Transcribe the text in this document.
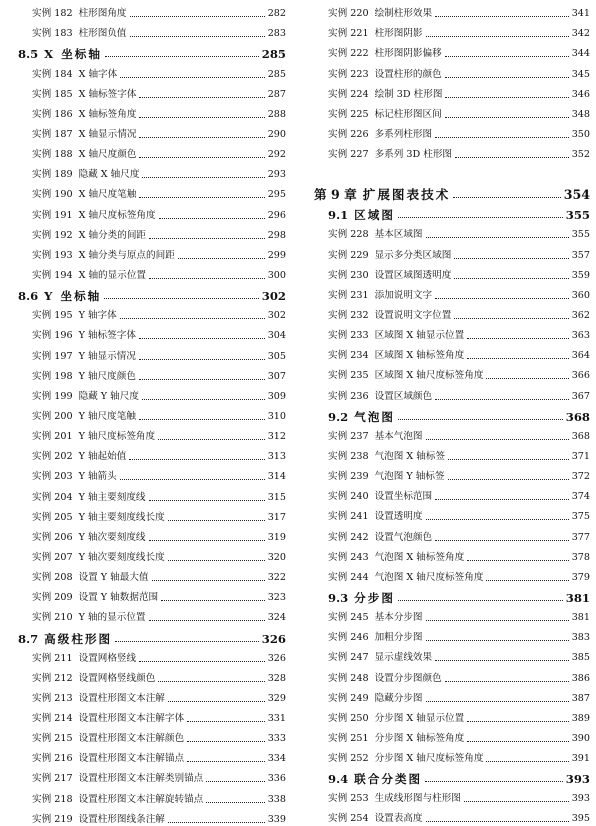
实例 182 柱形图角度	282
实例 183 柱形图负值	283
8.5 X 坐标轴	285
实例 184 X 轴字体	285
实例 185 X 轴标签字体	287
实例 186 X 轴标签角度	288
实例 187 X 轴显示情况	290
实例 188 X 轴尺度颜色	292
实例 189 隐藏 X 轴尺度	293
实例 190 X 轴尺度笔触	295
实例 191 X 轴尺度标签角度	296
实例 192 X 轴分类的间距	298
实例 193 X 轴分类与原点的间距	299
实例 194 X 轴的显示位置	300
8.6 Y 坐标轴	302
实例 195 Y 轴字体	302
实例 196 Y 轴标签字体	304
实例 197 Y 轴显示情况	305
实例 198 Y 轴尺度颜色	307
实例 199 隐藏 Y 轴尺度	309
实例 200 Y 轴尺度笔触	310
实例 201 Y 轴尺度标签角度	312
实例 202 Y 轴起始值	313
实例 203 Y 轴箭头	314
实例 204 Y 轴主要刻度线	315
实例 205 Y 轴主要刻度线长度	317
实例 206 Y 轴次要刻度线	319
实例 207 Y 轴次要刻度线长度	320
实例 208 设置 Y 轴最大值	322
实例 209 设置 Y 轴数据范围	323
实例 210 Y 轴的显示位置	324
8.7 高级柱形图	326
实例 211 设置网格竖线	326
实例 212 设置网格竖线颜色	328
实例 213 设置柱形图文本注解	329
实例 214 设置柱形图文本注解字体	331
实例 215 设置柱形图文本注解颜色	333
实例 216 设置柱形图文本注解锚点	334
实例 217 设置柱形图文本注解类别锚点	336
实例 218 设置柱形图文本注解旋转锚点	338
实例 219 设置柱形图线条注解	339
实例 220 绘制柱形效果	341
实例 221 柱形图阴影	342
实例 222 柱形图阴影偏移	344
实例 223 设置柱形的颜色	345
实例 224 绘制 3D 柱形图	346
实例 225 标记柱形图区间	348
实例 226 多系列柱形图	350
实例 227 多系列 3D 柱形图	352
第 9 章 扩展图表技术	354
9.1 区域图	355
实例 228 基本区域图	355
实例 229 显示多分类区域图	357
实例 230 设置区域图透明度	359
实例 231 添加说明文字	360
实例 232 设置说明文字位置	362
实例 233 区域图 X 轴显示位置	363
实例 234 区域图 X 轴标签角度	364
实例 235 区域图 X 轴尺度标签角度	366
实例 236 设置区域颜色	367
9.2 气泡图	368
实例 237 基本气泡图	368
实例 238 气泡图 X 轴标签	371
实例 239 气泡图 Y 轴标签	372
实例 240 设置坐标范围	374
实例 241 设置透明度	375
实例 242 设置气泡颜色	377
实例 243 气泡图 X 轴标签角度	378
实例 244 气泡图 X 轴尺度标签角度	379
9.3 分步图	381
实例 245 基本分步图	381
实例 246 加粗分步图	383
实例 247 显示虚线效果	385
实例 248 设置分步图颜色	386
实例 249 隐藏分步图	387
实例 250 分步图 X 轴显示位置	389
实例 251 分步图 X 轴标签角度	390
实例 252 分步图 X 轴尺度标签角度	391
9.4 联合分类图	393
实例 253 生成线形图与柱形图	393
实例 254 设置表高度	395
